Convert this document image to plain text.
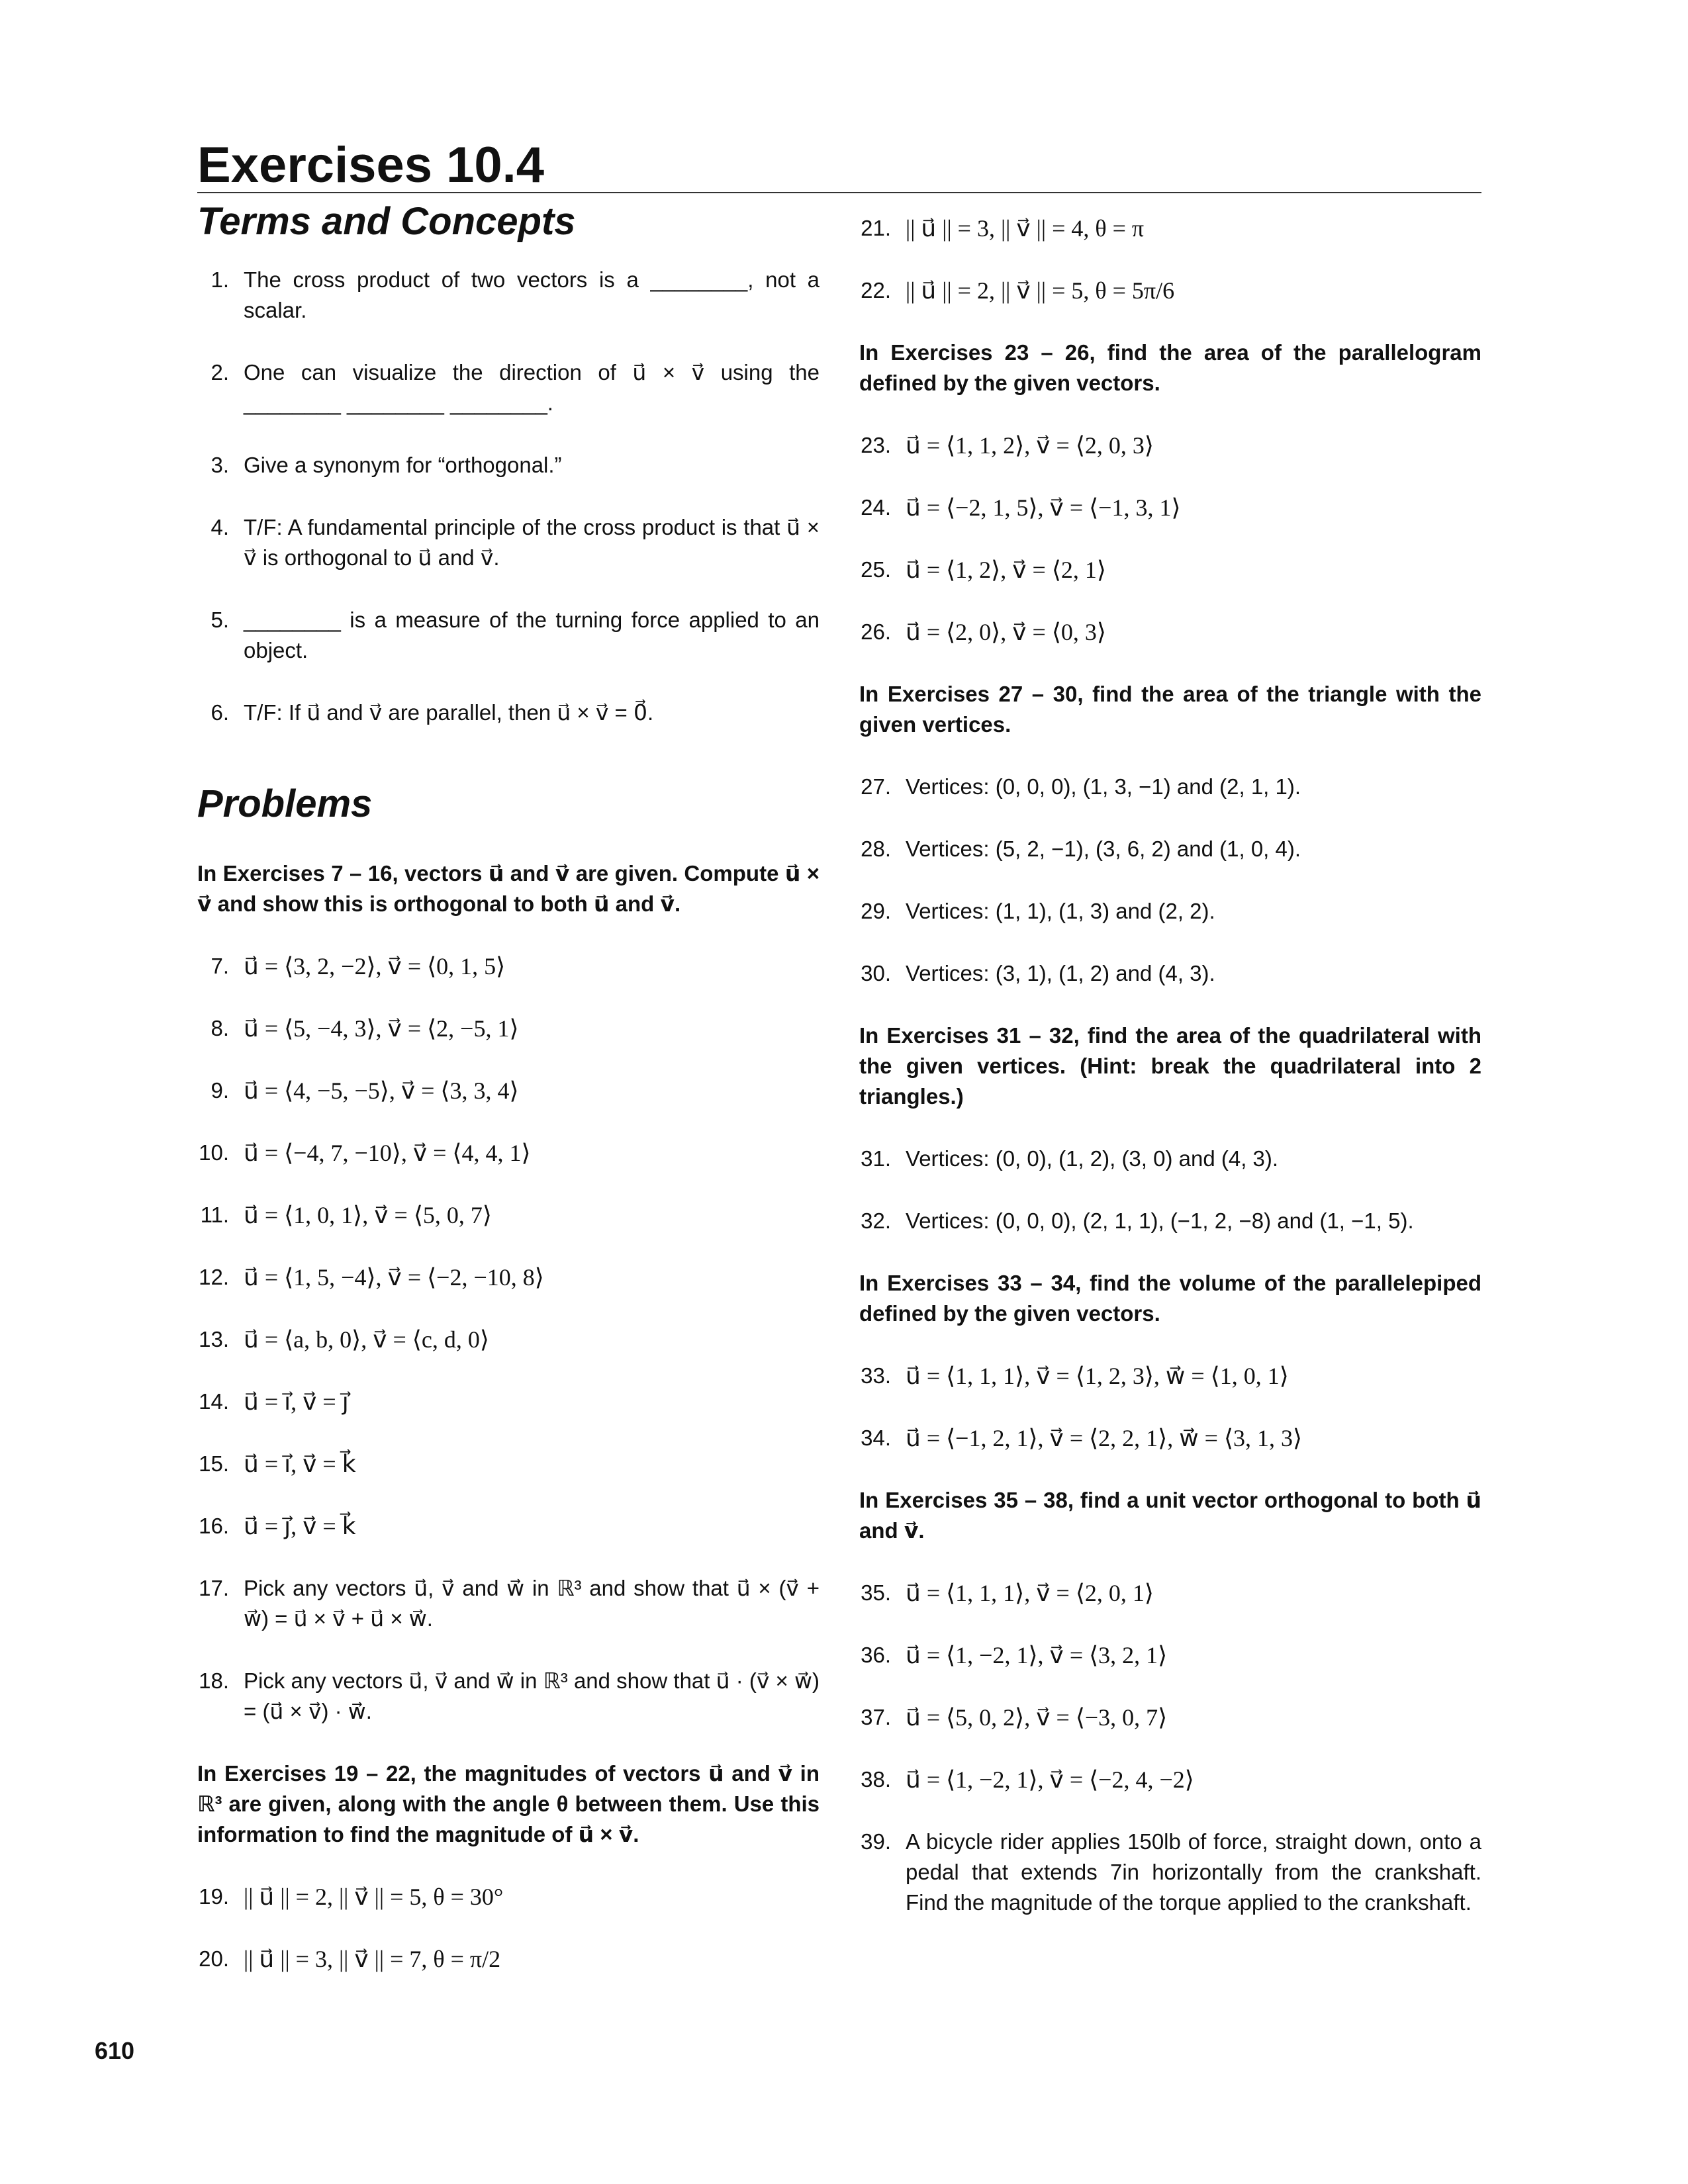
Exercises 10.4
Terms and Concepts
1. The cross product of two vectors is a ________, not a scalar.
2. One can visualize the direction of u⃗ × v⃗ using the ________ ________ ________.
3. Give a synonym for “orthogonal.”
4. T/F: A fundamental principle of the cross product is that u⃗ × v⃗ is orthogonal to u⃗ and v⃗.
5. ________ is a measure of the turning force applied to an object.
6. T/F: If u⃗ and v⃗ are parallel, then u⃗ × v⃗ = 0⃗.
Problems

In Exercises 7 – 16, vectors u⃗ and v⃗ are given. Compute u⃗ × v⃗ and show this is orthogonal to both u⃗ and v⃗.

7. u⃗ = ⟨3, 2, −2⟩, v⃗ = ⟨0, 1, 5⟩
8. u⃗ = ⟨5, −4, 3⟩, v⃗ = ⟨2, −5, 1⟩
9. u⃗ = ⟨4, −5, −5⟩, v⃗ = ⟨3, 3, 4⟩
10. u⃗ = ⟨−4, 7, −10⟩, v⃗ = ⟨4, 4, 1⟩
11. u⃗ = ⟨1, 0, 1⟩, v⃗ = ⟨5, 0, 7⟩
12. u⃗ = ⟨1, 5, −4⟩, v⃗ = ⟨−2, −10, 8⟩
13. u⃗ = ⟨a, b, 0⟩, v⃗ = ⟨c, d, 0⟩
14. u⃗ = i⃗, v⃗ = j⃗
15. u⃗ = i⃗, v⃗ = k⃗
16. u⃗ = j⃗, v⃗ = k⃗
17. Pick any vectors u⃗, v⃗ and w⃗ in ℝ³ and show that u⃗ × (v⃗ + w⃗) = u⃗ × v⃗ + u⃗ × w⃗.
18. Pick any vectors u⃗, v⃗ and w⃗ in ℝ³ and show that u⃗ · (v⃗ × w⃗) = (u⃗ × v⃗) · w⃗.

In Exercises 19 – 22, the magnitudes of vectors u⃗ and v⃗ in ℝ³ are given, along with the angle θ between them. Use this information to find the magnitude of u⃗ × v⃗.

19. || u⃗ || = 2, || v⃗ || = 5, θ = 30°
20. || u⃗ || = 3, || v⃗ || = 7, θ = π/2
21. || u⃗ || = 3, || v⃗ || = 4, θ = π
22. || u⃗ || = 2, || v⃗ || = 5, θ = 5π/6

In Exercises 23 – 26, find the area of the parallelogram defined by the given vectors.

23. u⃗ = ⟨1, 1, 2⟩, v⃗ = ⟨2, 0, 3⟩
24. u⃗ = ⟨−2, 1, 5⟩, v⃗ = ⟨−1, 3, 1⟩
25. u⃗ = ⟨1, 2⟩, v⃗ = ⟨2, 1⟩
26. u⃗ = ⟨2, 0⟩, v⃗ = ⟨0, 3⟩

In Exercises 27 – 30, find the area of the triangle with the given vertices.

27. Vertices: (0, 0, 0), (1, 3, −1) and (2, 1, 1).
28. Vertices: (5, 2, −1), (3, 6, 2) and (1, 0, 4).
29. Vertices: (1, 1), (1, 3) and (2, 2).
30. Vertices: (3, 1), (1, 2) and (4, 3).

In Exercises 31 – 32, find the area of the quadrilateral with the given vertices. (Hint: break the quadrilateral into 2 triangles.)

31. Vertices: (0, 0), (1, 2), (3, 0) and (4, 3).
32. Vertices: (0, 0, 0), (2, 1, 1), (−1, 2, −8) and (1, −1, 5).

In Exercises 33 – 34, find the volume of the parallelepiped defined by the given vectors.

33. u⃗ = ⟨1, 1, 1⟩, v⃗ = ⟨1, 2, 3⟩, w⃗ = ⟨1, 0, 1⟩
34. u⃗ = ⟨−1, 2, 1⟩, v⃗ = ⟨2, 2, 1⟩, w⃗ = ⟨3, 1, 3⟩

In Exercises 35 – 38, find a unit vector orthogonal to both u⃗ and v⃗.

35. u⃗ = ⟨1, 1, 1⟩, v⃗ = ⟨2, 0, 1⟩
36. u⃗ = ⟨1, −2, 1⟩, v⃗ = ⟨3, 2, 1⟩
37. u⃗ = ⟨5, 0, 2⟩, v⃗ = ⟨−3, 0, 7⟩
38. u⃗ = ⟨1, −2, 1⟩, v⃗ = ⟨−2, 4, −2⟩
39. A bicycle rider applies 150lb of force, straight down, onto a pedal that extends 7in horizontally from the crankshaft. Find the magnitude of the torque applied to the crankshaft.
610
